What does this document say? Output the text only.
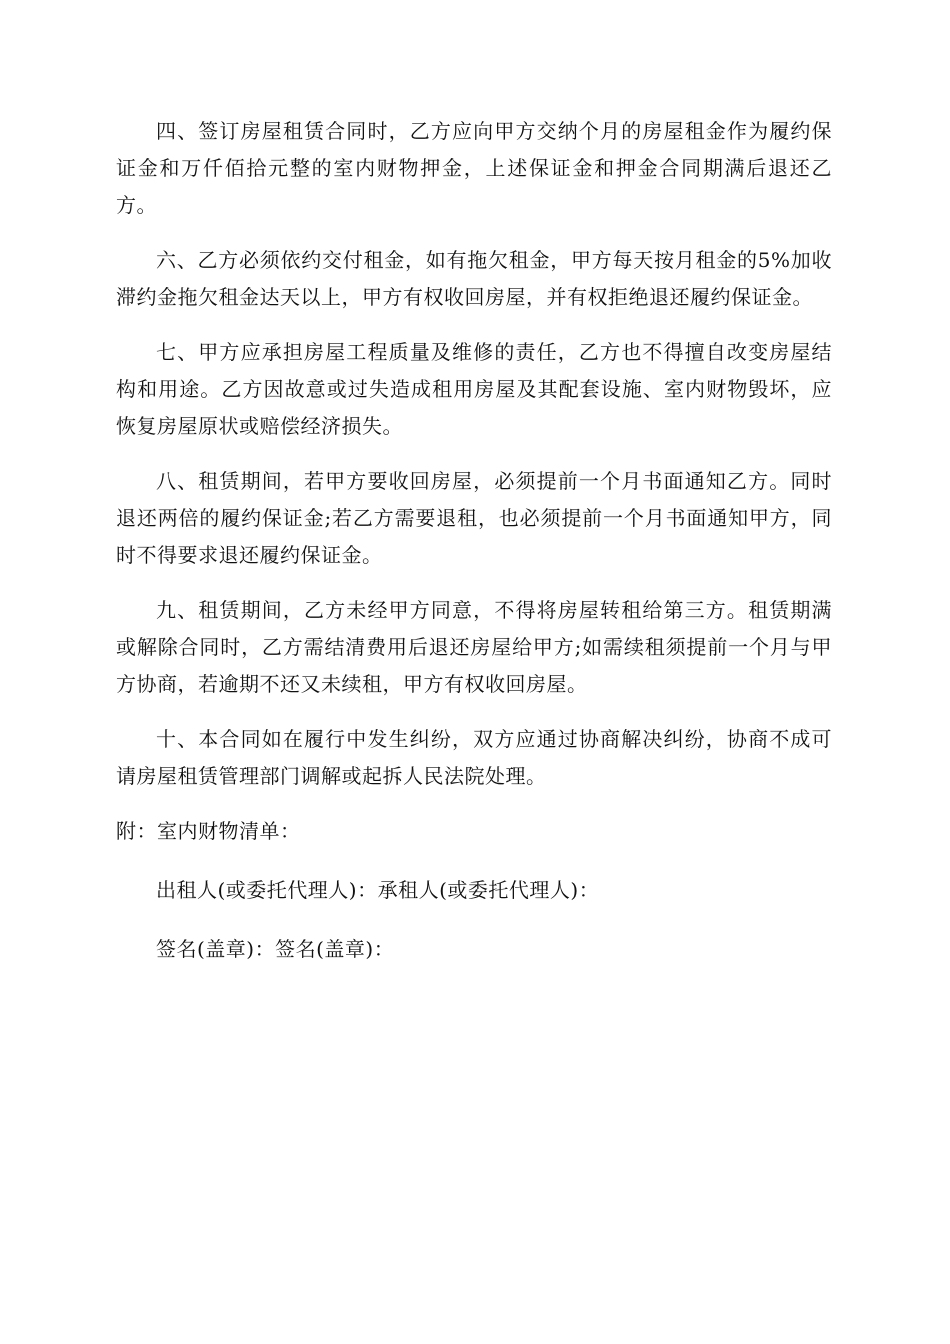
四、签订房屋租赁合同时，乙方应向甲方交纳个月的房屋租金作为履约保证金和万仟佰拾元整的室内财物押金，上述保证金和押金合同期满后退还乙方。

六、乙方必须依约交付租金，如有拖欠租金，甲方每天按月租金的5%加收滞约金拖欠租金达天以上，甲方有权收回房屋，并有权拒绝退还履约保证金。

七、甲方应承担房屋工程质量及维修的责任，乙方也不得擅自改变房屋结构和用途。乙方因故意或过失造成租用房屋及其配套设施、室内财物毁坏，应恢复房屋原状或赔偿经济损失。

八、租赁期间，若甲方要收回房屋，必须提前一个月书面通知乙方。同时退还两倍的履约保证金;若乙方需要退租，也必须提前一个月书面通知甲方，同时不得要求退还履约保证金。

九、租赁期间，乙方未经甲方同意，不得将房屋转租给第三方。租赁期满或解除合同时，乙方需结清费用后退还房屋给甲方;如需续租须提前一个月与甲方协商，若逾期不还又未续租，甲方有权收回房屋。

十、本合同如在履行中发生纠纷，双方应通过协商解决纠纷，协商不成可请房屋租赁管理部门调解或起拆人民法院处理。

附：室内财物清单：

出租人(或委托代理人)：承租人(或委托代理人)：

签名(盖章)：签名(盖章)：
